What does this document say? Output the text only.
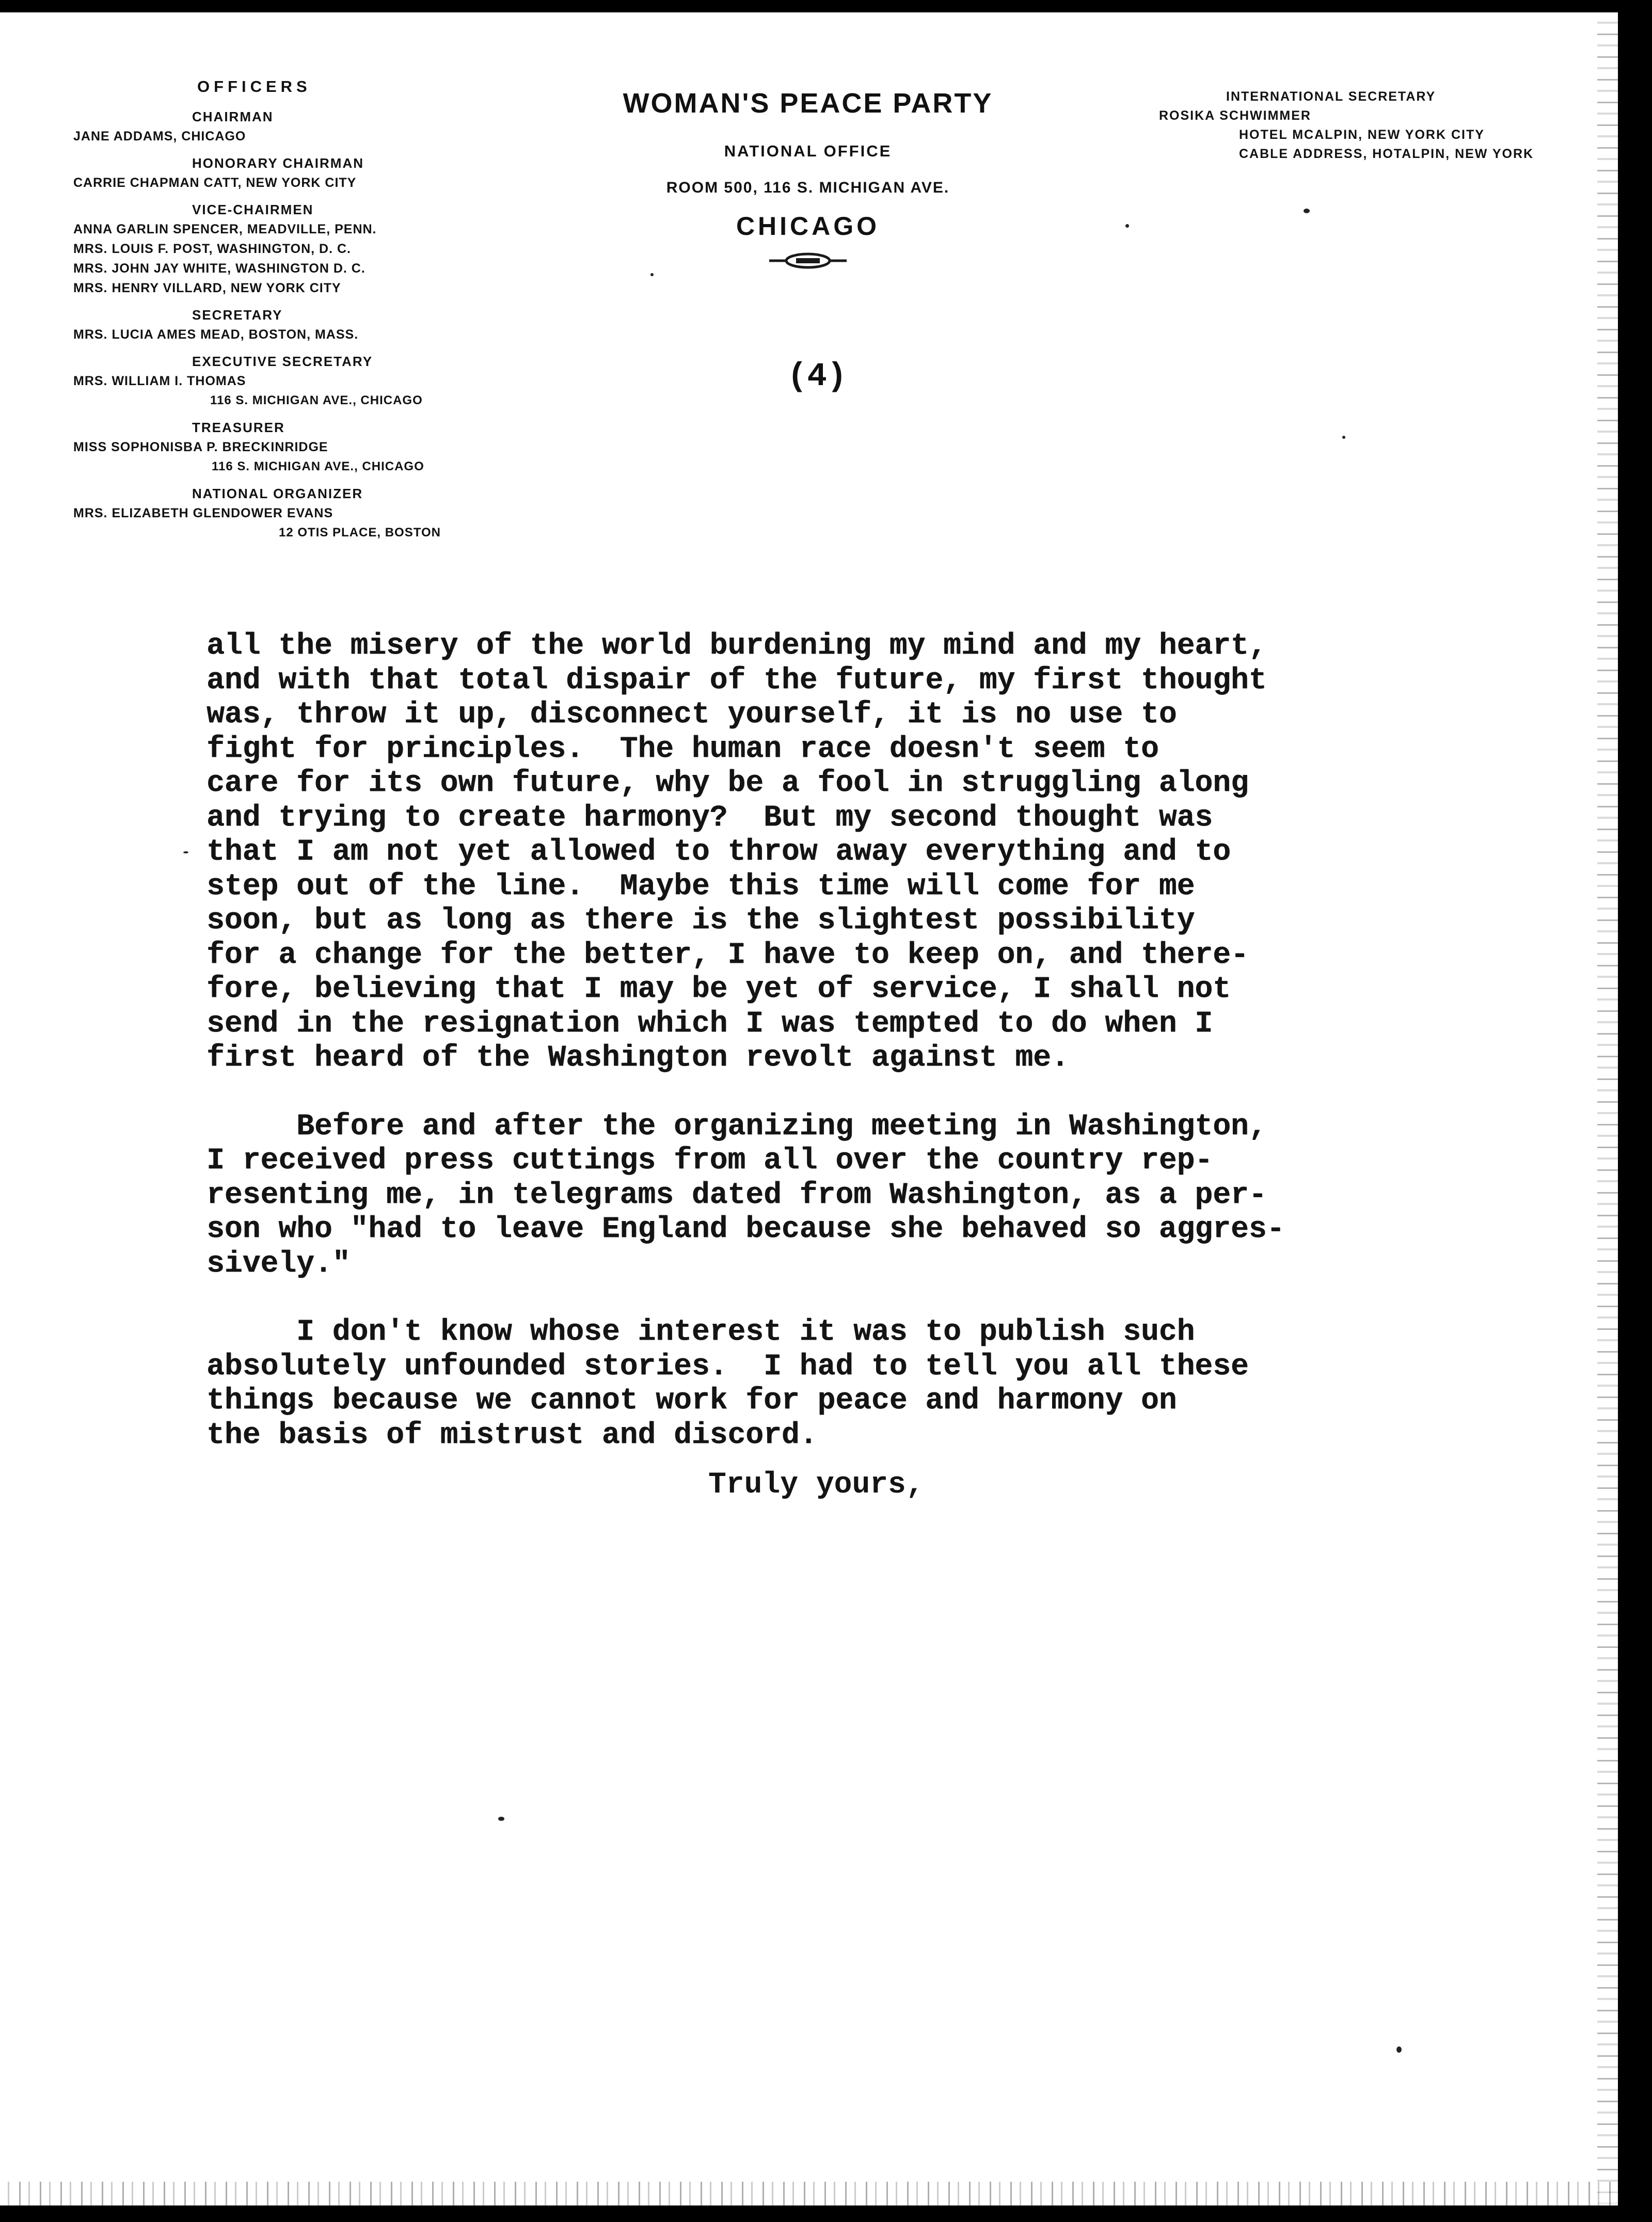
OFFICERS
CHAIRMAN
JANE ADDAMS, CHICAGO
HONORARY CHAIRMAN
CARRIE CHAPMAN CATT, NEW YORK CITY
VICE-CHAIRMEN
ANNA GARLIN SPENCER, MEADVILLE, PENN.
MRS. LOUIS F. POST, WASHINGTON, D. C.
MRS. JOHN JAY WHITE, WASHINGTON D. C.
MRS. HENRY VILLARD, NEW YORK CITY
SECRETARY
MRS. LUCIA AMES MEAD, BOSTON, MASS.
EXECUTIVE SECRETARY
MRS. WILLIAM I. THOMAS
116 S. MICHIGAN AVE., CHICAGO
TREASURER
MISS SOPHONISBA P. BRECKINRIDGE
116 S. MICHIGAN AVE., CHICAGO
NATIONAL ORGANIZER
MRS. ELIZABETH GLENDOWER EVANS
12 OTIS PLACE, BOSTON
WOMAN'S PEACE PARTY
NATIONAL OFFICE
ROOM 500, 116 S. MICHIGAN AVE.
CHICAGO
(4)
INTERNATIONAL SECRETARY
ROSIKA SCHWIMMER
HOTEL MCALPIN, NEW YORK CITY
CABLE ADDRESS, HOTALPIN, NEW YORK
all the misery of the world burdening my mind and my heart,
and with that total dispair of the future, my first thought
was, throw it up, disconnect yourself, it is no use to
fight for principles.  The human race doesn't seem to
care for its own future, why be a fool in struggling along
and trying to create harmony?  But my second thought was
that I am not yet allowed to throw away everything and to
step out of the line.  Maybe this time will come for me
soon, but as long as there is the slightest possibility
for a change for the better, I have to keep on, and there-
fore, believing that I may be yet of service, I shall not
send in the resignation which I was tempted to do when I
first heard of the Washington revolt against me.
Before and after the organizing meeting in Washington,
I received press cuttings from all over the country rep-
resenting me, in telegrams dated from Washington, as a per-
son who "had to leave England because she behaved so aggres-
sively."
I don't know whose interest it was to publish such
absolutely unfounded stories.  I had to tell you all these
things because we cannot work for peace and harmony on
the basis of mistrust and discord.
Truly yours,
